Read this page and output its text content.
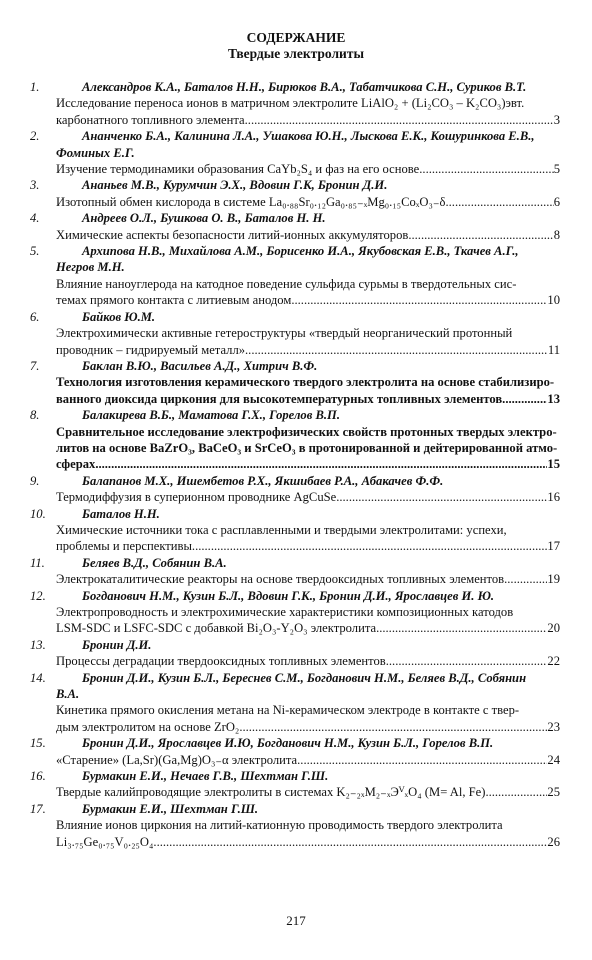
СОДЕРЖАНИЕ
Твердые электролиты
1.	Александров К.А., Баталов Н.Н., Бирюков В.А., Табатчикова С.Н., Суриков В.Т.
Исследование переноса ионов в матричном электролите LiAlO₂ + (Li₂CO₃ – K₂CO₃)эвт.
карбонатного топливного элемента .....	3
2.	Ананченко Б.А., Калинина Л.А., Ушакова Ю.Н., Лыскова Е.К., Кошуринкова Е.В.,
Фоминых Е.Г.
Изучение термодинамики образования CaYb₂S₄ и фаз на его основе .....	5
3.	Ананьев М.В., Курумчин Э.Х., Вдовин Г.К, Бронин Д.И.
Изотопный обмен кислорода в системе La₀.₈₈Sr₀.₁₂Ga₀.₈₅₋ₓMg₀.₁₅CoₓO₃₋δ .....	6
4.	Андреев О.Л., Бушкова О. В., Баталов Н. Н.
Химические аспекты безопасности литий-ионных аккумуляторов .....	8
5.	Архипова Н.В., Михайлова А.М., Борисенко И.А., Якубовская Е.В., Ткачев А.Г.,
Негров М.Н.
Влияние наноуглерода на катодное поведение сульфида сурьмы в твердотельных сис-
темах прямого контакта с литиевым анодом .....	10
6.	Байков Ю.М.
Электрохимически активные гетероструктуры «твердый неорганический протонный
проводник – гидрируемый металл» .....	11
7.	Баклан В.Ю., Васильев А.Д., Хитрич В.Ф.
Технология изготовления керамического твердого электролита на основе стабилизиро-
ванного диоксида циркония для высокотемпературных топливных элементов .....	13
8.	Балакирева В.Б., Маматова Г.Х., Горелов В.П.
Сравнительное исследование электрофизических свойств протонных твердых электро-
литов на основе BaZrO₃, BaCeO₃ и SrCeO₃ в протонированной и дейтерированной атмо-
сферах .....	15
9.	Балапанов М.Х., Ишембетов Р.Х., Якшибаев Р.А., Абакачев Ф.Ф.
Термодиффузия в суперионном проводнике AgCuSe .....	16
10.	Баталов Н.Н.
Химические источники тока с расплавленными и твердыми электролитами: успехи,
проблемы и перспективы .....	17
11.	Беляев В.Д., Собянин В.А.
Электрокаталитические реакторы на основе твердооксидных топливных элементов .....	19
12.	Богданович Н.М., Кузин Б.Л., Вдовин Г.К., Бронин Д.И., Ярославцев И. Ю.
Электропроводность и электрохимические характеристики композиционных катодов
LSM-SDC и LSFC-SDC с добавкой Bi₂O₃-Y₂O₃ электролита .....	20
13.	Бронин Д.И.
Процессы деградации твердооксидных топливных элементов .....	22
14.	Бронин Д.И., Кузин Б.Л., Береснев С.М., Богданович Н.М., Беляев В.Д., Собянин
В.А.
Кинетика прямого окисления метана на Ni-керамическом электроде в контакте с твер-
дым электролитом на основе ZrO₂ .....	23
15.	Бронин Д.И., Ярославцев И.Ю, Богданович Н.М., Кузин Б.Л., Горелов В.П.
«Старение» (La,Sr)(Ga,Mg)O₃₋α электролита .....	24
16.	Бурмакин Е.И., Нечаев Г.В., Шехтман Г.Ш.
Твердые калийпроводящие электролиты в системах K₂₋₂ₓM₂₋ₓЭⱽₓO₄ (M= Al, Fe) .....	25
17.	Бурмакин Е.И., Шехтман Г.Ш.
Влияние ионов циркония на литий-катионную проводимость твердого электролита
Li₃.₇₅Ge₀.₇₅V₀.₂₅O₄ .....	26
217
